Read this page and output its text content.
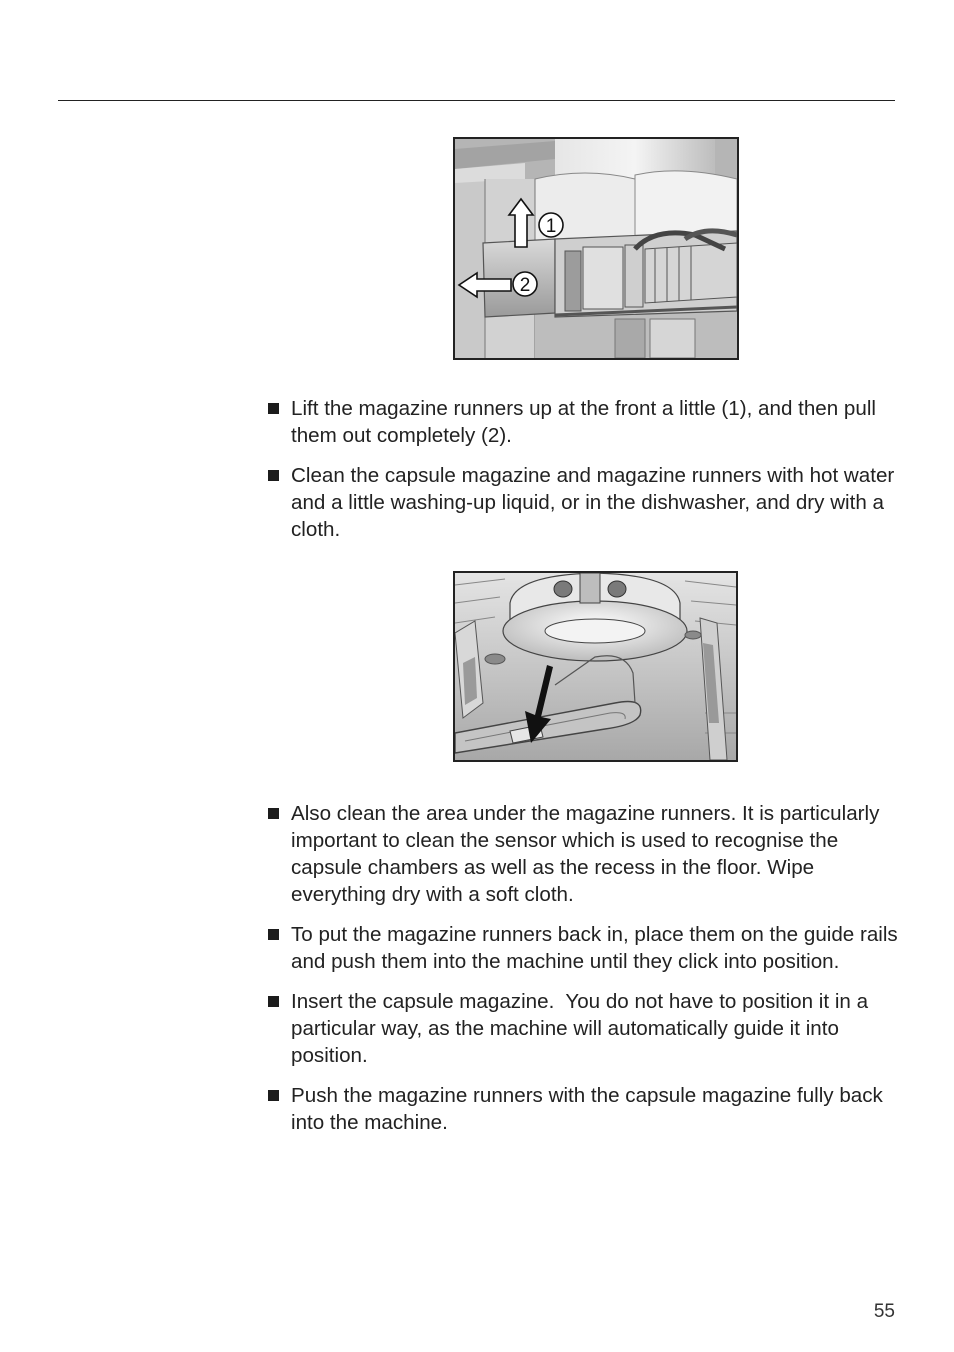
1
2
Lift the magazine runners up at the front a little (1), and then pull them out completely (2).
Clean the capsule magazine and magazine runners with hot water and a little washing-up liquid, or in the dishwasher, and dry with a cloth.
Also clean the area under the magazine runners. It is particularly important to clean the sensor which is used to recognise the capsule chambers as well as the recess in the floor. Wipe everything dry with a soft cloth.
To put the magazine runners back in, place them on the guide rails and push them into the machine until they click into position.
Insert the capsule magazine.  You do not have to position it in a particular way, as the machine will automatically guide it into position.
Push the magazine runners with the capsule magazine fully back into the machine.
55
